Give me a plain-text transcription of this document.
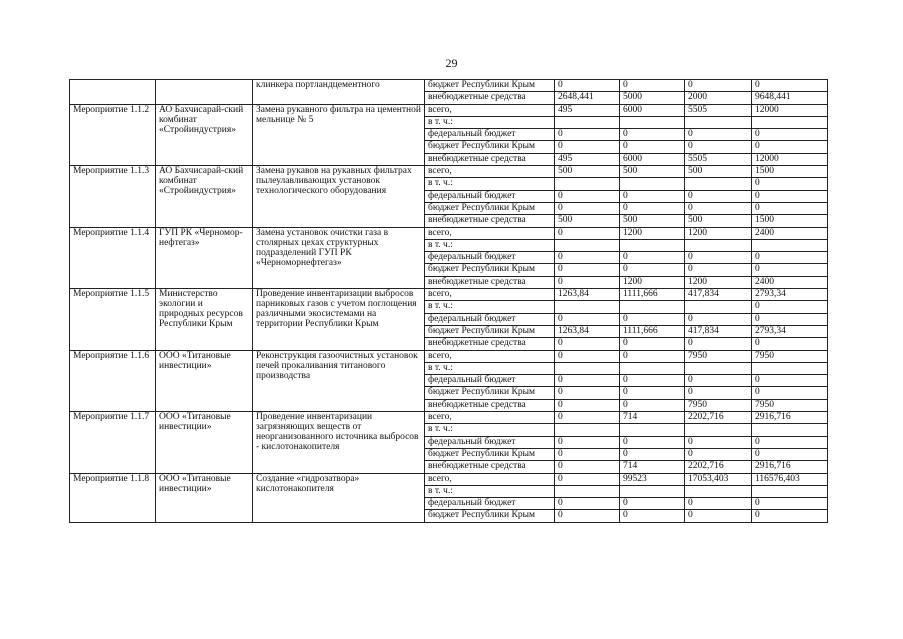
29
		клинкера портландцементного	бюджет Республики Крым	0	0	0	0
			внебюджетные средства	2648,441	5000	2000	9648,441
Мероприятие 1.1.2	АО Бахчисарай-ский комбинат «Стройиндустрия»	Замена рукавного фильтра на цементной мельнице № 5	всего,	495	6000	5505	12000
			в т. ч.:				
			федеральный бюджет	0	0	0	0
			бюджет Республики Крым	0	0	0	0
			внебюджетные средства	495	6000	5505	12000
Мероприятие 1.1.3	АО Бахчисарай-ский комбинат «Стройиндустрия»	Замена рукавов на рукавных фильтрах пылеулавливающих установок технологического оборудования	всего,	500	500	500	1500
			в т. ч.:				0
			федеральный бюджет	0	0	0	0
			бюджет Республики Крым	0	0	0	0
			внебюджетные средства	500	500	500	1500
Мероприятие 1.1.4	ГУП РК «Черномор-нефтегаз»	Замена установок очистки газа в столярных цехах структурных подразделений ГУП РК «Черноморнефтегаз»	всего,	0	1200	1200	2400
			в т. ч.:				
			федеральный бюджет	0	0	0	0
			бюджет Республики Крым	0	0	0	0
			внебюджетные средства	0	1200	1200	2400
Мероприятие 1.1.5	Министерство экологии и природных ресурсов Республики Крым	Проведение инвентаризации выбросов парниковых газов с учетом поглощения различными экосистемами на территории Республики Крым	всего,	1263,84	1111,666	417,834	2793,34
			в т. ч.:				0
			федеральный бюджет	0	0	0	0
			бюджет Республики Крым	1263,84	1111,666	417,834	2793,34
			внебюджетные средства	0	0	0	0
Мероприятие 1.1.6	ООО «Титановые инвестиции»	Реконструкция газоочистных установок печей прокаливания титанового производства	всего,	0	0	7950	7950
			в т. ч.:				
			федеральный бюджет	0	0	0	0
			бюджет Республики Крым	0	0	0	0
			внебюджетные средства	0	0	7950	7950
Мероприятие 1.1.7	ООО «Титановые инвестиции»	Проведение инвентаризации загрязняющих веществ от неорганизованного источника выбросов - кислотонакопителя	всего,	0	714	2202,716	2916,716
			в т. ч.:				
			федеральный бюджет	0	0	0	0
			бюджет Республики Крым	0	0	0	0
			внебюджетные средства	0	714	2202,716	2916,716
Мероприятие 1.1.8	ООО «Титановые инвестиции»	Создание «гидрозатвора» кислотонакопителя	всего,	0	99523	17053,403	116576,403
			в т. ч.:				
			федеральный бюджет	0	0	0	0
			бюджет Республики Крым	0	0	0	0
